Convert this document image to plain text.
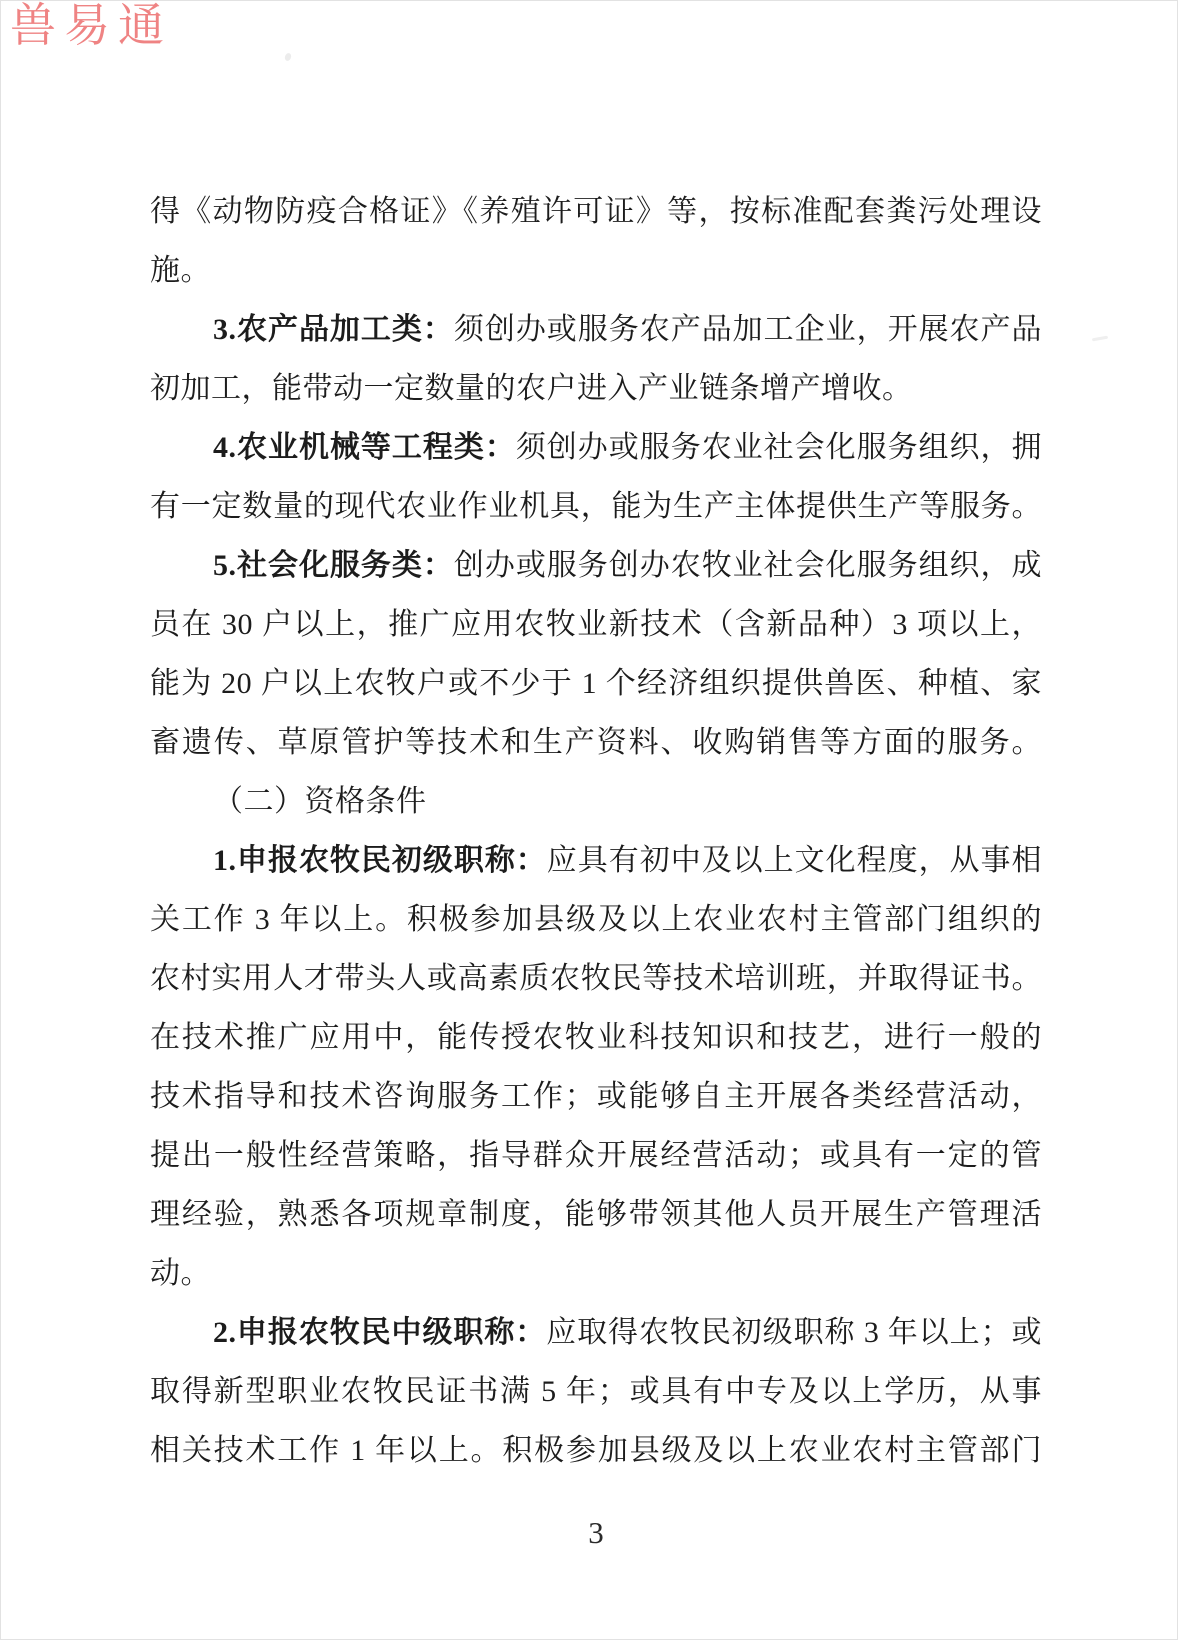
兽易通
得《动物防疫合格证》《养殖许可证》等，按标准配套粪污处理设
施。
3.农产品加工类：须创办或服务农产品加工企业，开展农产品
初加工，能带动一定数量的农户进入产业链条增产增收。
4.农业机械等工程类：须创办或服务农业社会化服务组织，拥
有一定数量的现代农业作业机具，能为生产主体提供生产等服务。
5.社会化服务类：创办或服务创办农牧业社会化服务组织，成
员在 30 户以上，推广应用农牧业新技术（含新品种）3 项以上，
能为 20 户以上农牧户或不少于 1 个经济组织提供兽医、种植、家
畜遗传、草原管护等技术和生产资料、收购销售等方面的服务。
（二）资格条件
1.申报农牧民初级职称：应具有初中及以上文化程度，从事相
关工作 3 年以上。积极参加县级及以上农业农村主管部门组织的
农村实用人才带头人或高素质农牧民等技术培训班，并取得证书。
在技术推广应用中，能传授农牧业科技知识和技艺，进行一般的
技术指导和技术咨询服务工作；或能够自主开展各类经营活动，
提出一般性经营策略，指导群众开展经营活动；或具有一定的管
理经验，熟悉各项规章制度，能够带领其他人员开展生产管理活
动。
2.申报农牧民中级职称：应取得农牧民初级职称 3 年以上；或
取得新型职业农牧民证书满 5 年；或具有中专及以上学历，从事
相关技术工作 1 年以上。积极参加县级及以上农业农村主管部门
3
